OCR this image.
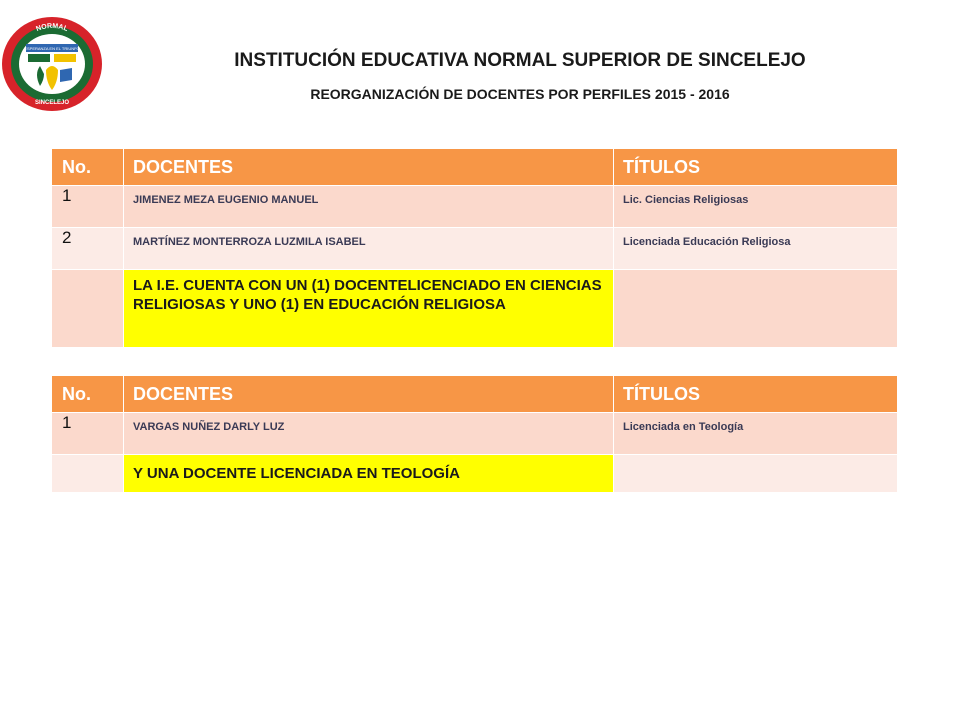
NORMAL
ESPERANZA EN EL TRIUNFO
SINCELEJO
INSTITUCIÓN EDUCATIVA NORMAL SUPERIOR DE SINCELEJO
REORGANIZACIÓN DE DOCENTES POR PERFILES 2015 - 2016
No.	DOCENTES	TÍTULOS
1	JIMENEZ MEZA EUGENIO MANUEL	Lic. Ciencias Religiosas
2	MARTÍNEZ MONTERROZA LUZMILA ISABEL	Licenciada Educación Religiosa
	LA I.E. CUENTA CON UN (1) DOCENTELICENCIADO EN CIENCIAS RELIGIOSAS Y UNO (1) EN EDUCACIÓN RELIGIOSA	
No.	DOCENTES	TÍTULOS
1	VARGAS NUÑEZ DARLY LUZ	Licenciada en Teología
	Y UNA DOCENTE LICENCIADA EN TEOLOGÍA	
